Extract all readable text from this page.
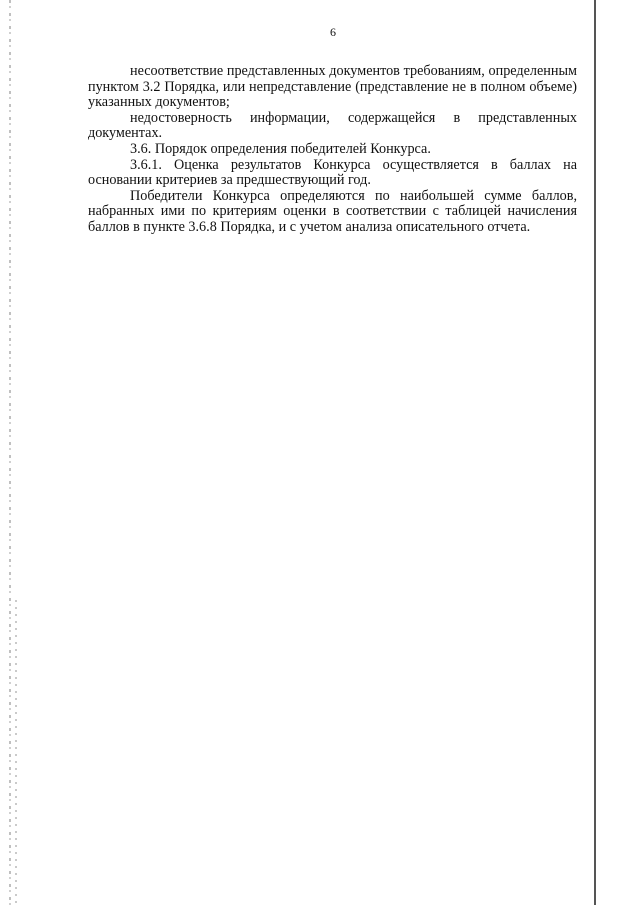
6

несоответствие представленных документов требованиям, определенным пунктом 3.2 Порядка, или непредставление (представление не в полном объеме) указанных документов;

недостоверность информации, содержащейся в представленных документах.

3.6. Порядок определения победителей Конкурса.

3.6.1. Оценка результатов Конкурса осуществляется в баллах на основании критериев за предшествующий год.

Победители Конкурса определяются по наибольшей сумме баллов, набранных ими по критериям оценки в соответствии с таблицей начисления баллов в пункте 3.6.8 Порядка, и с учетом анализа описательного отчета.
